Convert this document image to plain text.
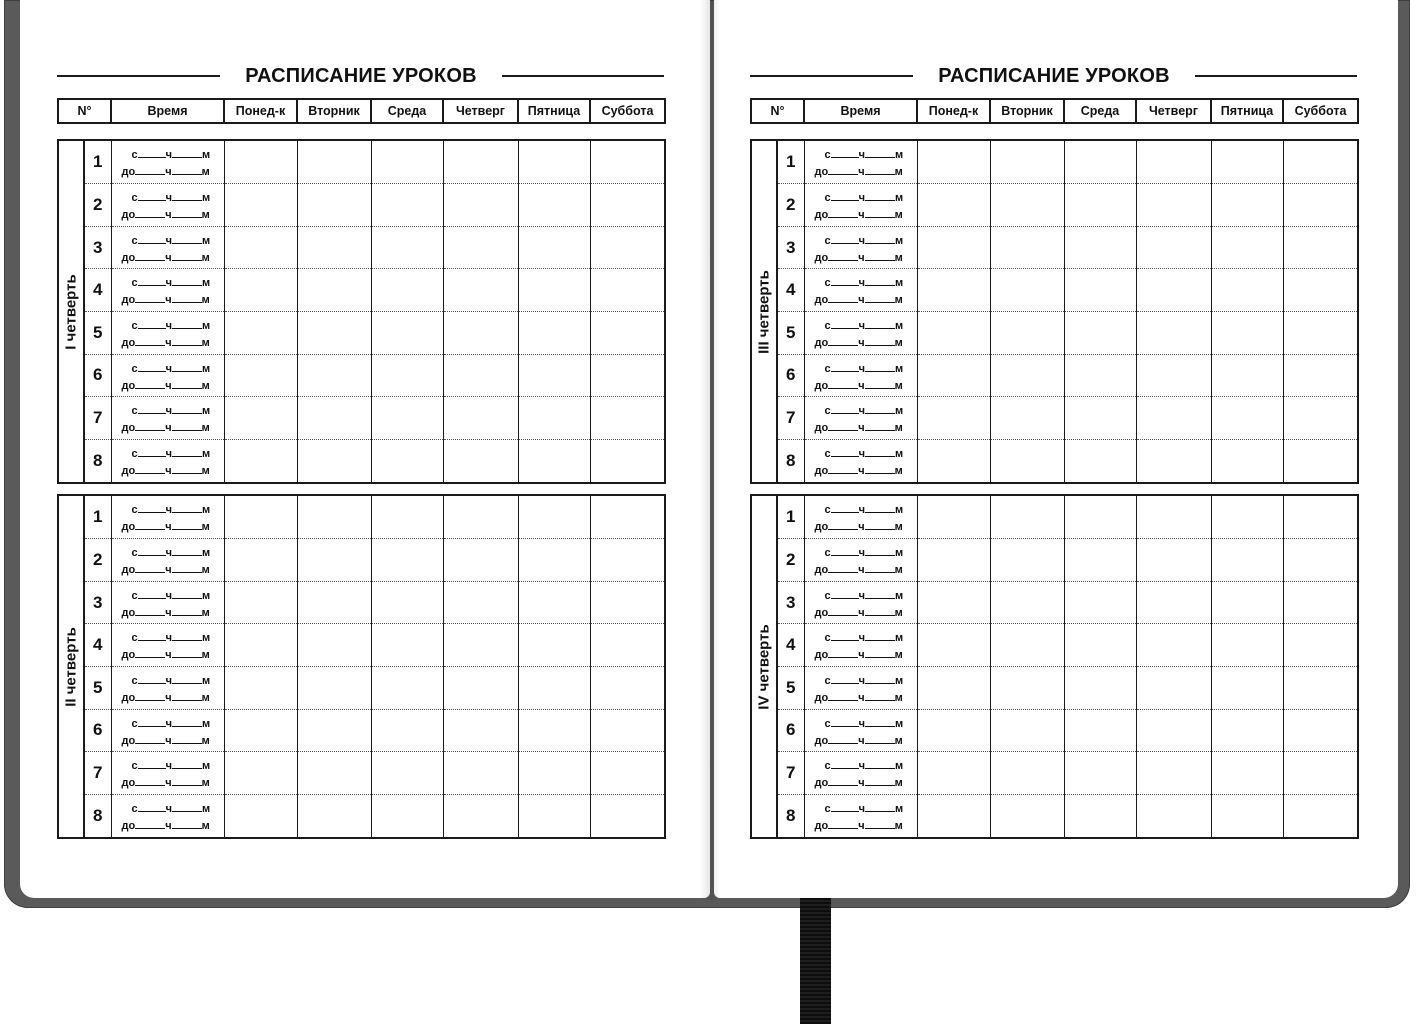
РАСПИСАНИЕ УРОКОВ
N°	Время	Понед-к	Вторник	Среда	Четверг	Пятница	Суббота
I четверть	1	с ч м
до ч м						

	2	с ч м
до ч м						

	3	с ч м
до ч м						

	4	с ч м
до ч м						

	5	с ч м
до ч м						

	6	с ч м
до ч м						

	7	с ч м
до ч м						

	8	с ч м
до ч м						

II четверть	1	с ч м
до ч м						

	2	с ч м
до ч м						

	3	с ч м
до ч м						

	4	с ч м
до ч м						

	5	с ч м
до ч м						

	6	с ч м
до ч м						

	7	с ч м
до ч м						

	8	с ч м
до ч м						

РАСПИСАНИЕ УРОКОВ
N°	Время	Понед-к	Вторник	Среда	Четверг	Пятница	Суббота
III четверть	1	с ч м
до ч м						

	2	с ч м
до ч м						

	3	с ч м
до ч м						

	4	с ч м
до ч м						

	5	с ч м
до ч м						

	6	с ч м
до ч м						

	7	с ч м
до ч м						

	8	с ч м
до ч м						

IV четверть	1	с ч м
до ч м						

	2	с ч м
до ч м						

	3	с ч м
до ч м						

	4	с ч м
до ч м						

	5	с ч м
до ч м						

	6	с ч м
до ч м						

	7	с ч м
до ч м						

	8	с ч м
до ч м						
